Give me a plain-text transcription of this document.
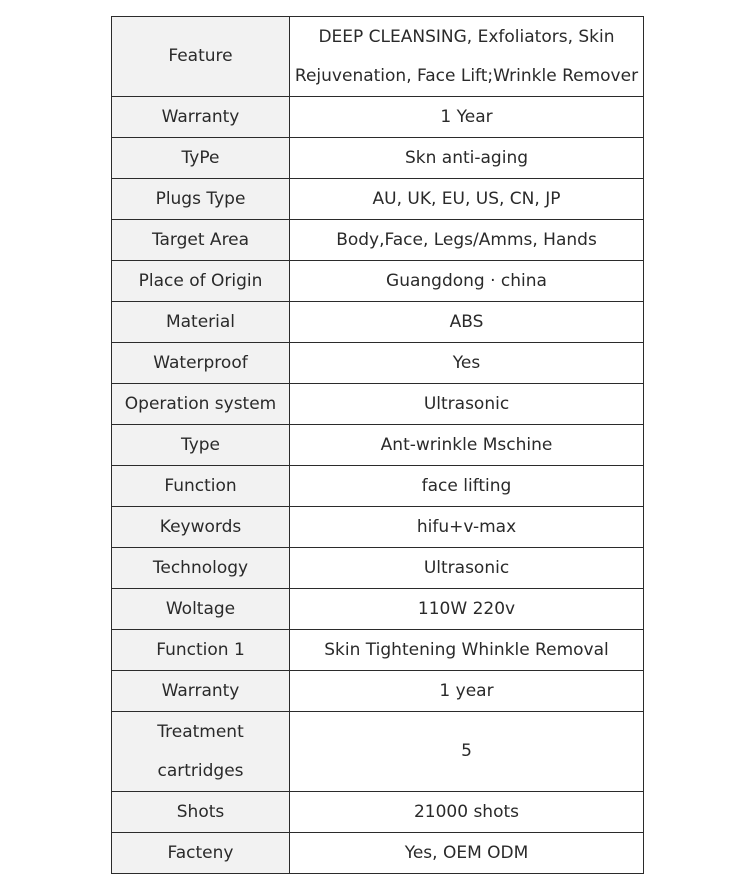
Feature	DEEP CLEANSING, Exfoliators, Skin Rejuvenation, Face Lift;Wrinkle Remover
Warranty	1 Year
TyPe	Skn anti-aging
Plugs Type	AU, UK, EU, US, CN, JP
Target Area	Body,Face, Legs/Amms, Hands
Place of Origin	Guangdong · china
Material	ABS
Waterproof	Yes
Operation system	Ultrasonic
Type	Ant-wrinkle Mschine
Function	face lifting
Keywords	hifu+v-max
Technology	Ultrasonic
Woltage	110W 220v
Function 1	Skin Tightening Whinkle Removal
Warranty	1 year
Treatment cartridges	5
Shots	21000 shots
Facteny	Yes, OEM ODM
